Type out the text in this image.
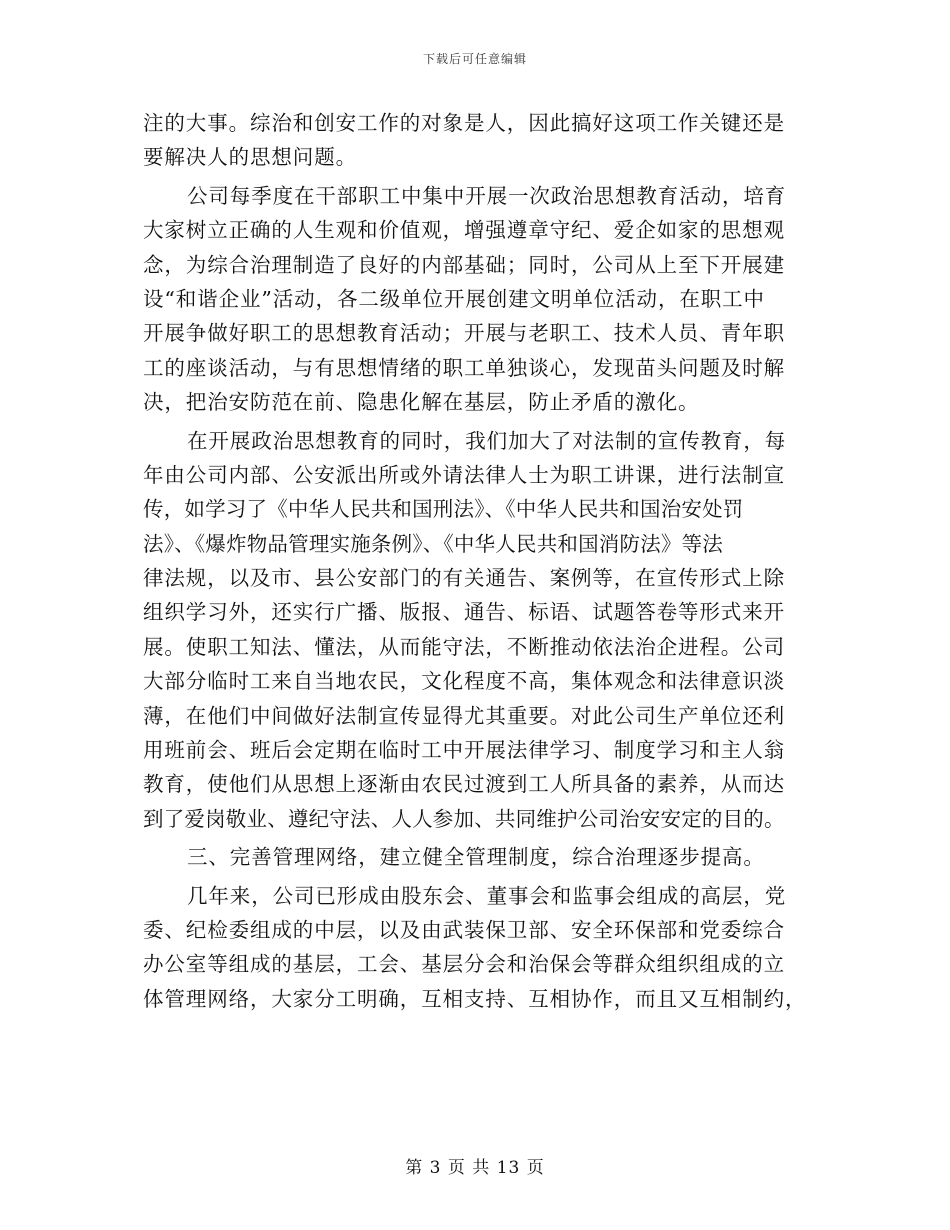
下载后可任意编辑
注的大事。综治和创安工作的对象是人，因此搞好这项工作关键还是
要解决人的思想问题。
公司每季度在干部职工中集中开展一次政治思想教育活动，培育
大家树立正确的人生观和价值观，增强遵章守纪、爱企如家的思想观
念，为综合治理制造了良好的内部基础；同时，公司从上至下开展建
设“和谐企业”活动，各二级单位开展创建文明单位活动，在职工中
开展争做好职工的思想教育活动；开展与老职工、技术人员、青年职
工的座谈活动，与有思想情绪的职工单独谈心，发现苗头问题及时解
决，把治安防范在前、隐患化解在基层，防止矛盾的激化。
在开展政治思想教育的同时，我们加大了对法制的宣传教育，每
年由公司内部、公安派出所或外请法律人士为职工讲课，进行法制宣
传，如学习了《中华人民共和国刑法》、《中华人民共和国治安处罚
法》、《爆炸物品管理实施条例》、《中华人民共和国消防法》等法
律法规，以及市、县公安部门的有关通告、案例等，在宣传形式上除
组织学习外，还实行广播、版报、通告、标语、试题答卷等形式来开
展。使职工知法、懂法，从而能守法，不断推动依法治企进程。公司
大部分临时工来自当地农民，文化程度不高，集体观念和法律意识淡
薄，在他们中间做好法制宣传显得尤其重要。对此公司生产单位还利
用班前会、班后会定期在临时工中开展法律学习、制度学习和主人翁
教育，使他们从思想上逐渐由农民过渡到工人所具备的素养，从而达
到了爱岗敬业、遵纪守法、人人参加、共同维护公司治安安定的目的。
三、完善管理网络，建立健全管理制度，综合治理逐步提高。
几年来，公司已形成由股东会、董事会和监事会组成的高层，党
委、纪检委组成的中层，以及由武装保卫部、安全环保部和党委综合
办公室等组成的基层，工会、基层分会和治保会等群众组织组成的立
体管理网络，大家分工明确，互相支持、互相协作，而且又互相制约，
第 3 页 共 13 页
